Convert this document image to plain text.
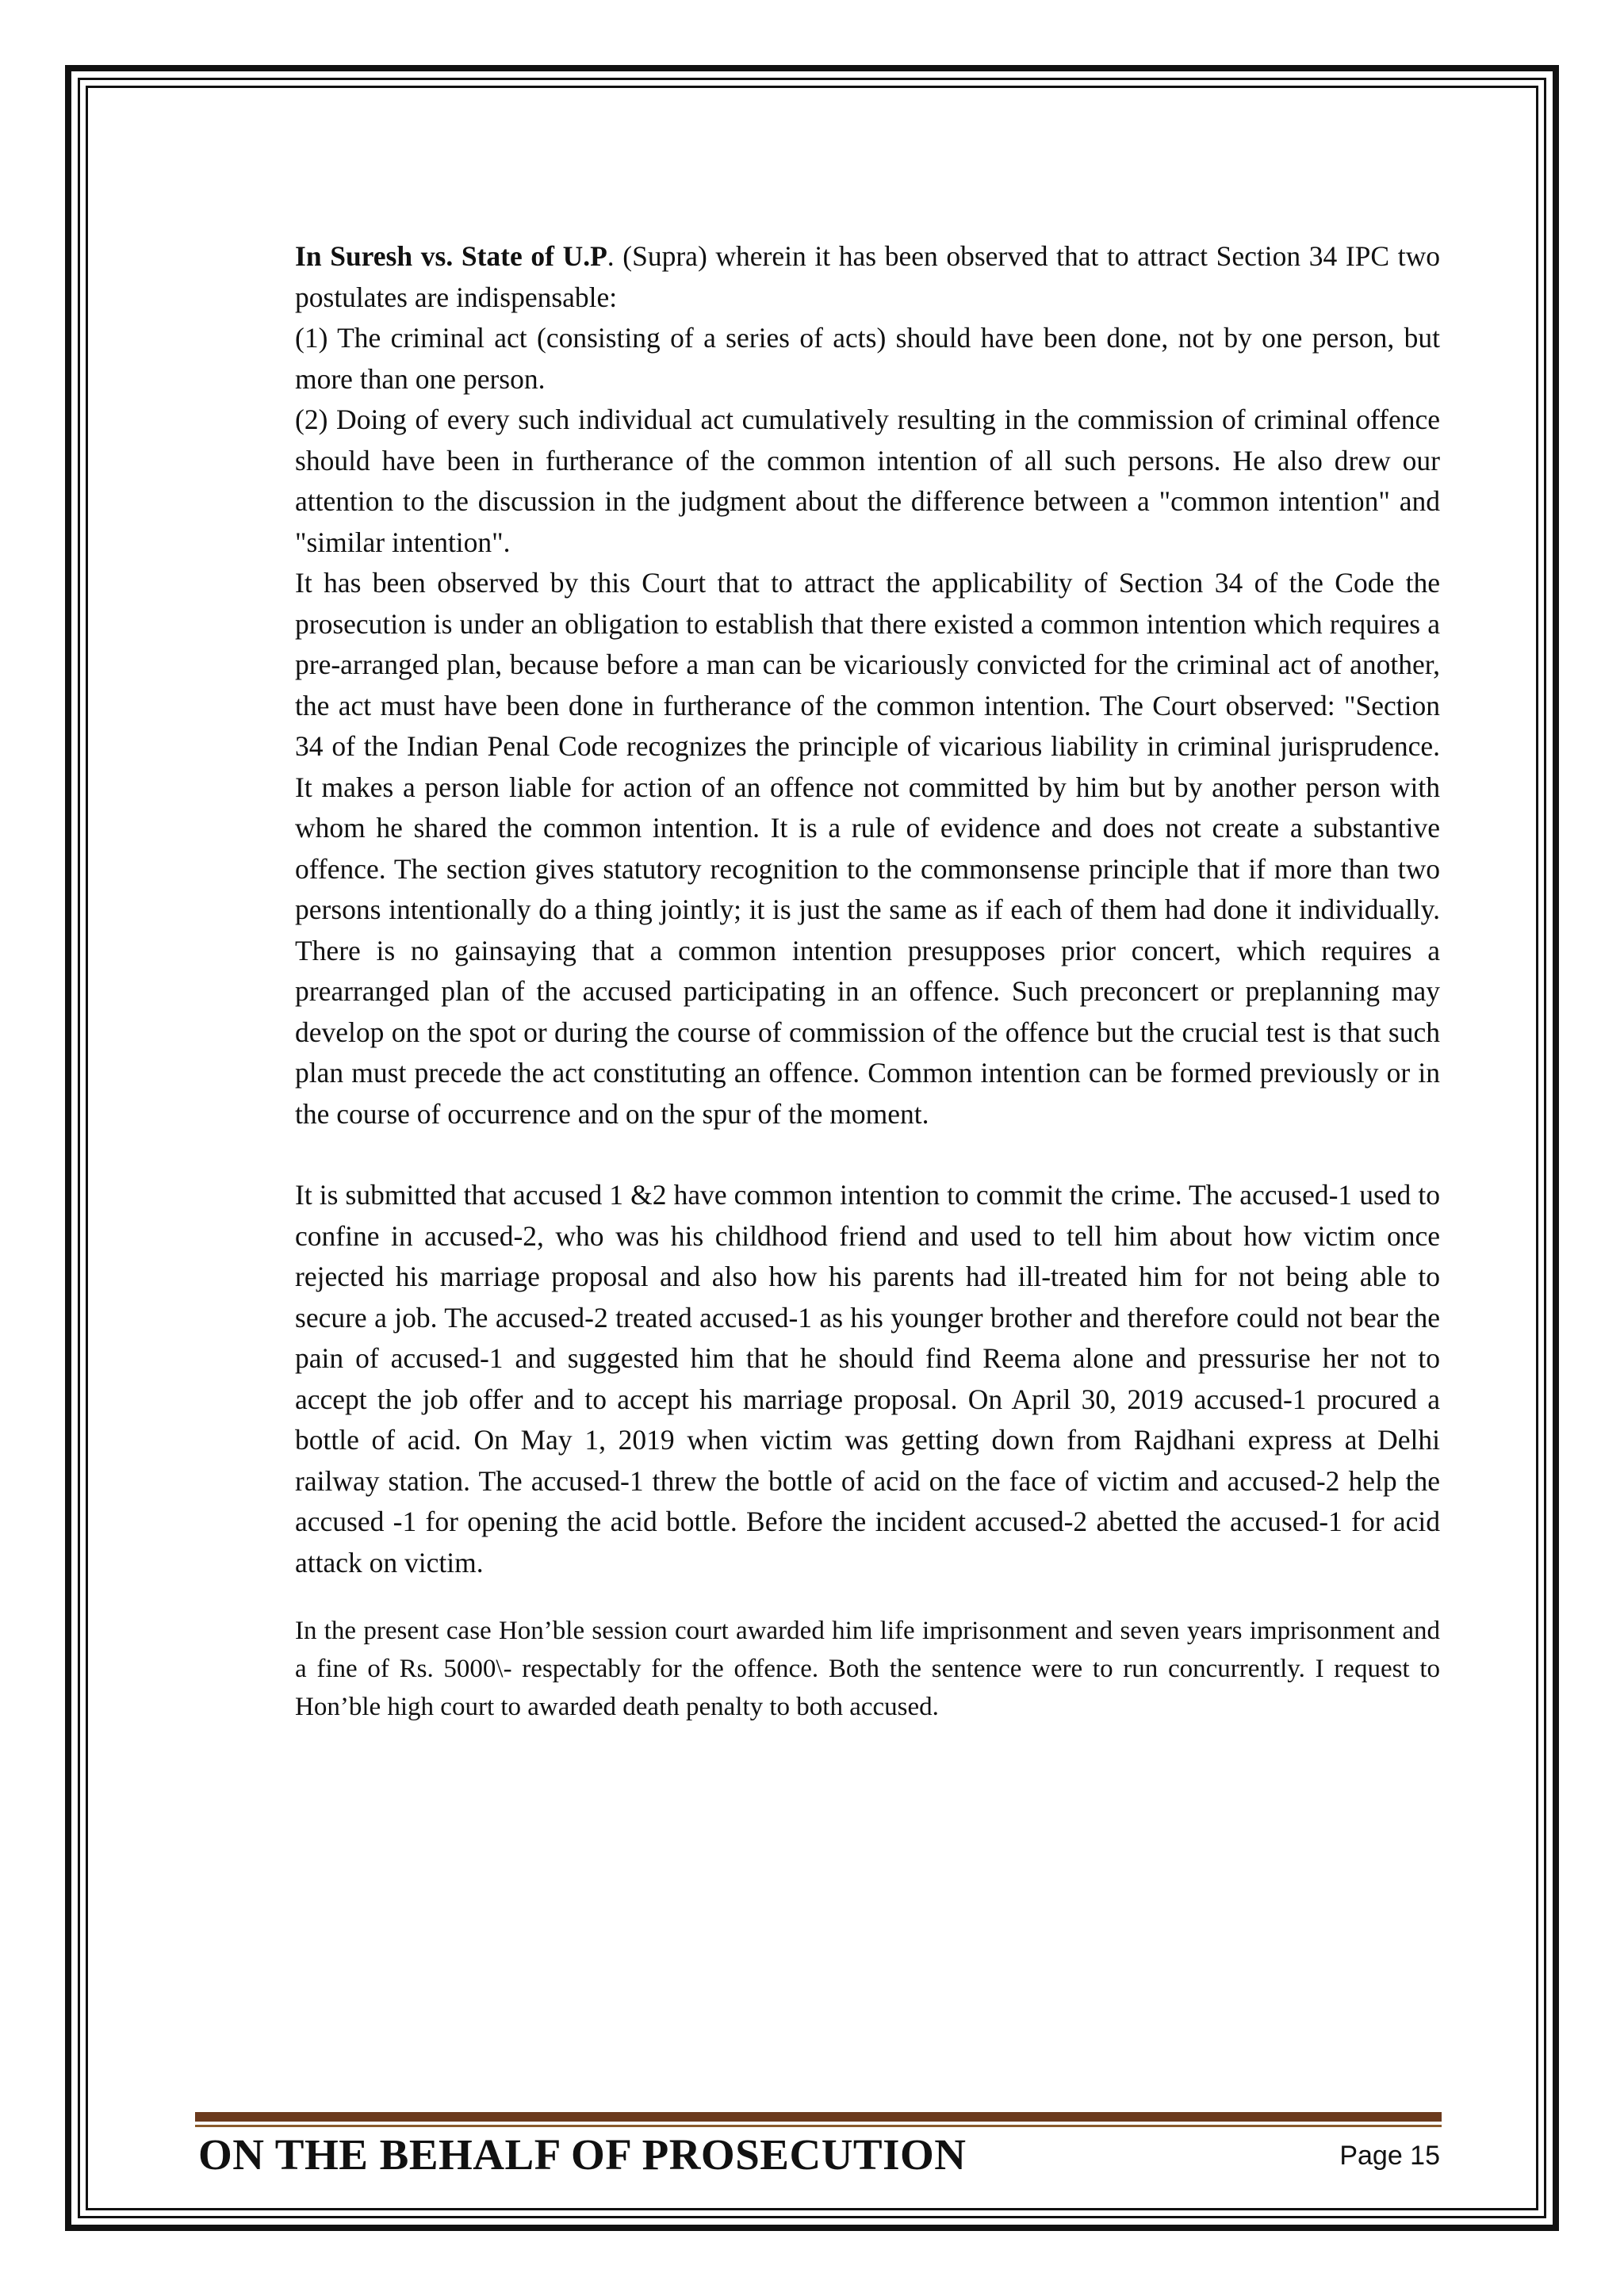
In Suresh vs. State of U.P. (Supra) wherein it has been observed that to attract Section 34 IPC two postulates are indispensable:

(1) The criminal act (consisting of a series of acts) should have been done, not by one person, but more than one person.

(2) Doing of every such individual act cumulatively resulting in the commission of criminal offence should have been in furtherance of the common intention of all such persons. He also drew our attention to the discussion in the judgment about the difference between a "common intention" and "similar intention".

It has been observed by this Court that to attract the applicability of Section 34 of the Code the prosecution is under an obligation to establish that there existed a common intention which requires a pre-arranged plan, because before a man can be vicariously convicted for the criminal act of another, the act must have been done in furtherance of the common intention. The Court observed: "Section 34 of the Indian Penal Code recognizes the principle of vicarious liability in criminal jurisprudence. It makes a person liable for action of an offence not committed by him but by another person with whom he shared the common intention. It is a rule of evidence and does not create a substantive offence. The section gives statutory recognition to the commonsense principle that if more than two persons intentionally do a thing jointly; it is just the same as if each of them had done it individually. There is no gainsaying that a common intention presupposes prior concert, which requires a prearranged plan of the accused participating in an offence. Such preconcert or preplanning may develop on the spot or during the course of commission of the offence but the crucial test is that such plan must precede the act constituting an offence. Common intention can be formed previously or in the course of occurrence and on the spur of the moment.

It is submitted that accused 1 &2 have common intention to commit the crime. The accused-1 used to confine in accused-2, who was his childhood friend and used to tell him about how victim once rejected his marriage proposal and also how his parents had ill-treated him for not being able to secure a job. The accused-2 treated accused-1 as his younger brother and therefore could not bear the pain of accused-1 and suggested him that he should find Reema alone and pressurise her not to accept the job offer and to accept his marriage proposal. On April 30, 2019 accused-1 procured a bottle of acid. On May 1, 2019 when victim was getting down from Rajdhani express at Delhi railway station. The accused-1 threw the bottle of acid on the face of victim and accused-2 help the accused -1 for opening the acid bottle. Before the incident accused-2 abetted the accused-1 for acid attack on victim.

In the present case Hon’ble session court awarded him life imprisonment and seven years imprisonment and a fine of Rs. 5000\- respectably for the offence. Both the sentence were to run concurrently. I request to Hon’ble high court to awarded death penalty to both accused.

ON THE BEHALF OF PROSECUTION	Page 15
